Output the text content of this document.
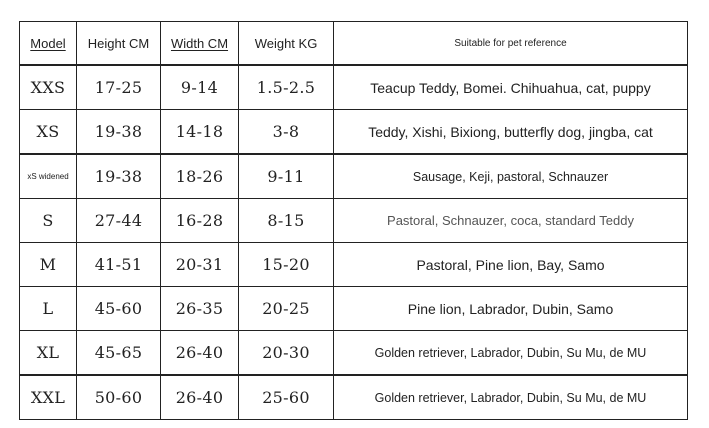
Model	Height CM	Width CM	Weight KG	Suitable for pet reference
XXS	17-25	9-14	1.5-2.5	Teacup Teddy, Bomei. Chihuahua, cat, puppy
XS	19-38	14-18	3-8	Teddy, Xishi, Bixiong, butterfly dog, jingba, cat
xS widened	19-38	18-26	9-11	Sausage, Keji, pastoral, Schnauzer
S	27-44	16-28	8-15	Pastoral, Schnauzer, coca, standard Teddy
M	41-51	20-31	15-20	Pastoral, Pine lion, Bay, Samo
L	45-60	26-35	20-25	Pine lion, Labrador, Dubin, Samo
XL	45-65	26-40	20-30	Golden retriever, Labrador, Dubin, Su Mu, de MU
XXL	50-60	26-40	25-60	Golden retriever, Labrador, Dubin, Su Mu, de MU
